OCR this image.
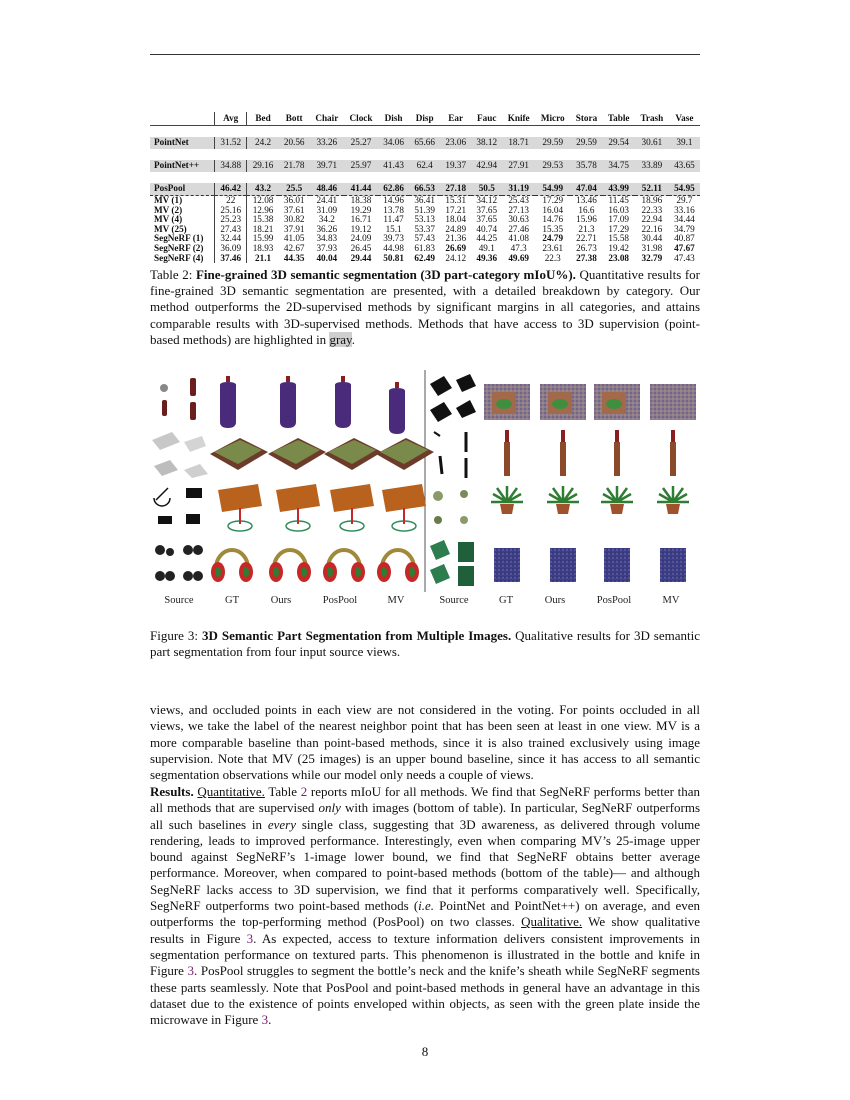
	Avg	Bed	Bott	Chair	Clock	Dish	Disp	Ear	Fauc	Knife	Micro	Stora	Table	Trash	Vase

PointNet	31.52	24.2	20.56	33.26	25.27	34.06	65.66	23.06	38.12	18.71	29.59	29.59	29.54	30.61	39.1

PointNet++	34.88	29.16	21.78	39.71	25.97	41.43	62.4	19.37	42.94	27.91	29.53	35.78	34.75	33.89	43.65

PosPool	46.42	43.2	25.5	48.46	41.44	62.86	66.53	27.18	50.5	31.19	54.99	47.04	43.99	52.11	54.95
MV (1)	22	12.08	36.01	24.41	18.38	14.96	36.41	15.31	34.12	25.43	17.29	13.46	11.45	18.96	29.7
MV (2)	25.16	12.96	37.61	31.09	19.29	13.78	51.39	17.21	37.65	27.13	16.04	16.6	16.03	22.33	33.16
MV (4)	25.23	15.38	30.82	34.2	16.71	11.47	53.13	18.04	37.65	30.63	14.76	15.96	17.09	22.94	34.44
MV (25)	27.43	18.21	37.91	36.26	19.12	15.1	53.37	24.89	40.74	27.46	15.35	21.3	17.29	22.16	34.79
SegNeRF (1)	32.44	15.99	41.05	34.83	24.09	39.73	57.43	21.36	44.25	41.08	24.79	22.71	15.58	30.44	40.87
SegNeRF (2)	36.09	18.93	42.67	37.93	26.45	44.98	61.83	26.69	49.1	47.3	23.61	26.73	19.42	31.98	47.67
SegNeRF (4)	37.46	21.1	44.35	40.04	29.44	50.81	62.49	24.12	49.36	49.69	22.3	27.38	23.08	32.79	47.43
Table 2: Fine-grained 3D semantic segmentation (3D part-category mIoU%). Quantitative results for fine-grained 3D semantic segmentation are presented, with a detailed breakdown by category. Our method outperforms the 2D-supervised methods by significant margins in all categories, and attains comparable results with 3D-supervised methods. Methods that have access to 3D supervision (point-based methods) are highlighted in gray.
Source	GT	Ours	PosPool	MV	Source	GT	Ours	PosPool	MV
Figure 3: 3D Semantic Part Segmentation from Multiple Images. Qualitative results for 3D semantic part segmentation from four input source views.
views, and occluded points in each view are not considered in the voting. For points occluded in all views, we take the label of the nearest neighbor point that has been seen at least in one view. MV is a more comparable baseline than point-based methods, since it is also trained exclusively using image supervision. Note that MV (25 images) is an upper bound baseline, since it has access to all semantic segmentation observations while our model only needs a couple of views.
Results. Quantitative. Table 2 reports mIoU for all methods. We find that SegNeRF performs better than all methods that are supervised only with images (bottom of table). In particular, SegNeRF outperforms all such baselines in every single class, suggesting that 3D awareness, as delivered through volume rendering, leads to improved performance. Interestingly, even when comparing MV’s 25-image upper bound against SegNeRF’s 1-image lower bound, we find that SegNeRF obtains better average performance. Moreover, when compared to point-based methods (bottom of the table)— and although SegNeRF lacks access to 3D supervision, we find that it performs comparatively well. Specifically, SegNeRF outperforms two point-based methods (i.e. PointNet and PointNet++) on average, and even outperforms the top-performing method (PosPool) on two classes. Qualitative. We show qualitative results in Figure 3. As expected, access to texture information delivers consistent improvements in segmentation performance on textured parts. This phenomenon is illustrated in the bottle and knife in Figure 3. PosPool struggles to segment the bottle’s neck and the knife’s sheath while SegNeRF segments these parts seamlessly. Note that PosPool and point-based methods in general have an advantage in this dataset due to the existence of points enveloped within objects, as seen with the green plate inside the microwave in Figure 3.
8
